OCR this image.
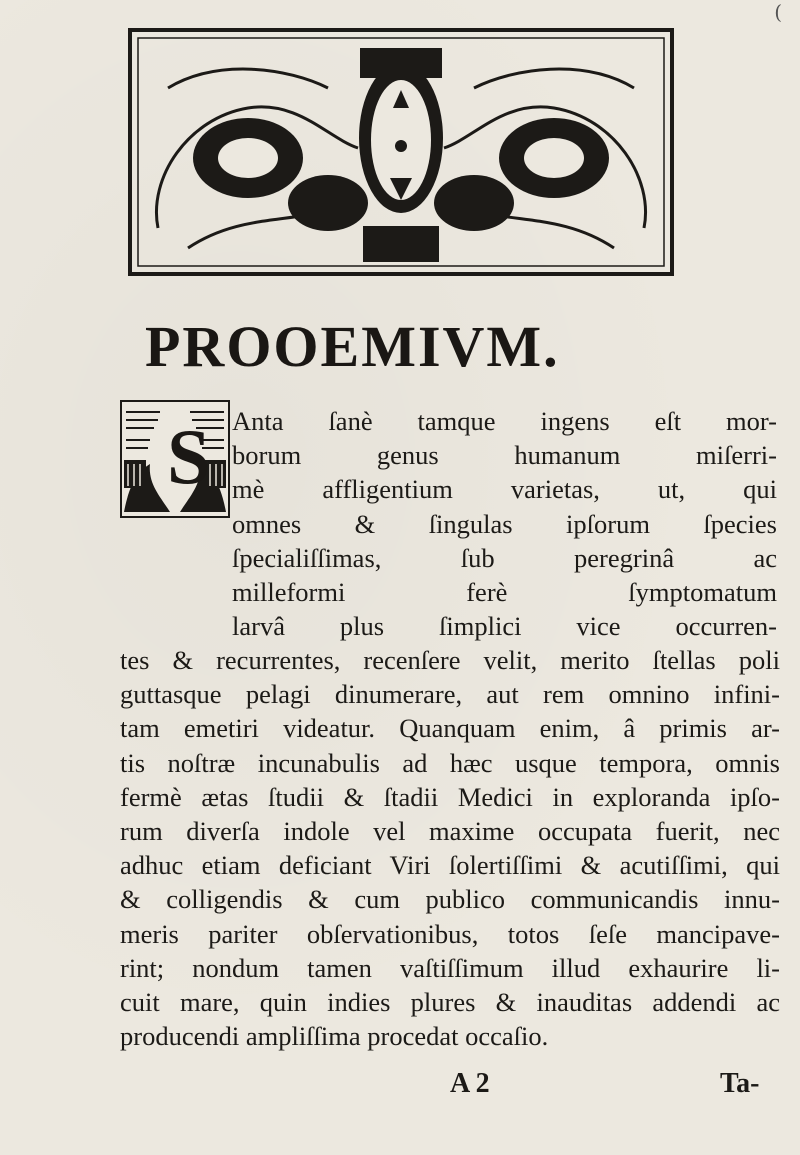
(
PROOEMIVM.
S Anta ſanè tamque ingens eſt mor-
borum genus humanum miſerri-
mè affligentium varietas, ut, qui
omnes & ſingulas ipſorum ſpecies
ſpecialiſſimas, ſub peregrinâ ac
milleformi ferè ſymptomatum
larvâ plus ſimplici vice occurren-
tes & recurrentes, recenſere velit, merito ſtellas poli
guttasque pelagi dinumerare, aut rem omnino infini-
tam emetiri videatur. Quanquam enim, â primis ar-
tis noſtræ incunabulis ad hæc usque tempora, omnis
fermè ætas ſtudii & ſtadii Medici in exploranda ipſo-
rum diverſa indole vel maxime occupata fuerit, nec
adhuc etiam deficiant Viri ſolertiſſimi & acutiſſimi, qui
& colligendis & cum publico communicandis innu-
meris pariter obſervationibus, totos ſeſe mancipave-
rint; nondum tamen vaſtiſſimum illud exhaurire li-
cuit mare, quin indies plures & inauditas addendi ac
producendi ampliſſima procedat occaſio.
A 2	Ta-
